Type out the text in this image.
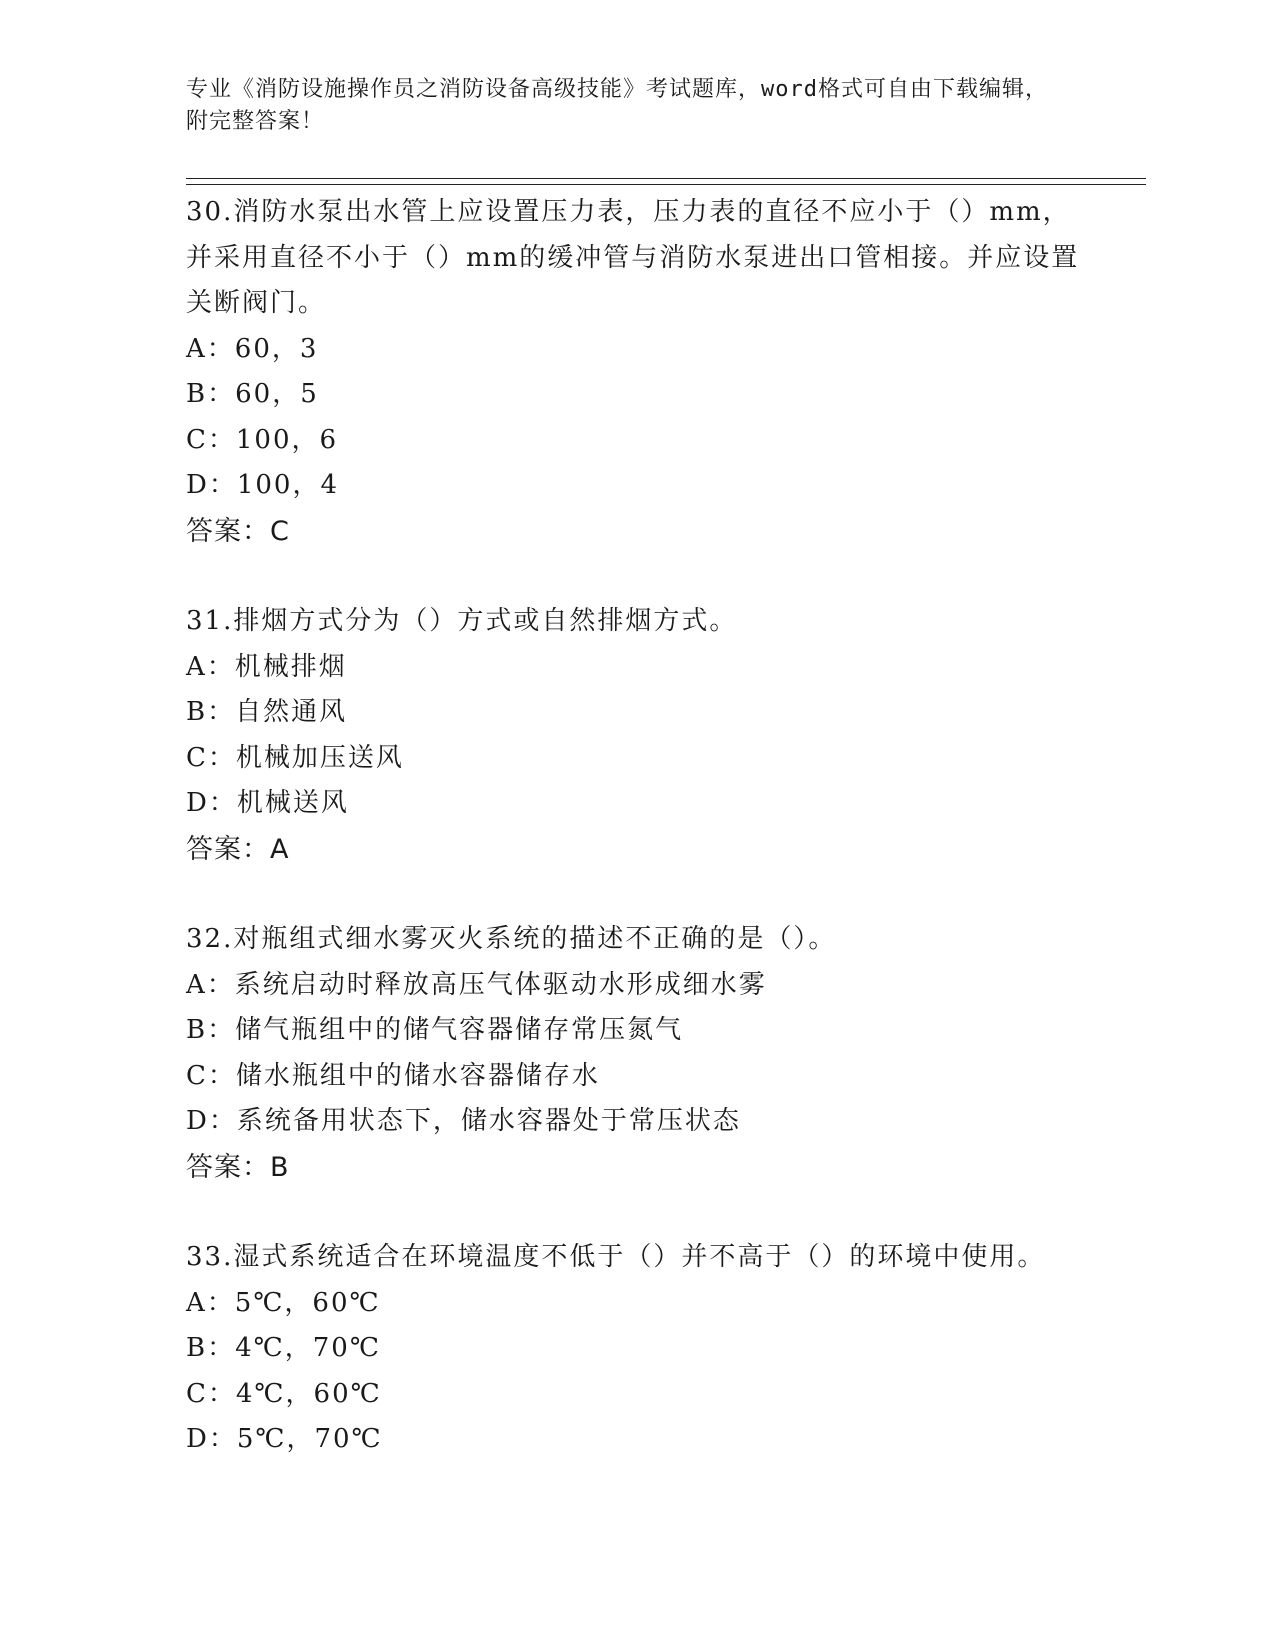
专业《消防设施操作员之消防设备高级技能》考试题库，word格式可自由下载编辑，附完整答案！
30.消防水泵出水管上应设置压力表，压力表的直径不应小于（）mm，并采用直径不小于（）mm的缓冲管与消防水泵进出口管相接。并应设置关断阀门。
A：60，3
B：60，5
C：100，6
D：100，4
答案：C
31.排烟方式分为（）方式或自然排烟方式。
A：机械排烟
B：自然通风
C：机械加压送风
D：机械送风
答案：A
32.对瓶组式细水雾灭火系统的描述不正确的是（）。
A：系统启动时释放高压气体驱动水形成细水雾
B：储气瓶组中的储气容器储存常压氮气
C：储水瓶组中的储水容器储存水
D：系统备用状态下，储水容器处于常压状态
答案：B
33.湿式系统适合在环境温度不低于（）并不高于（）的环境中使用。
A：5℃，60℃
B：4℃，70℃
C：4℃，60℃
D：5℃，70℃
